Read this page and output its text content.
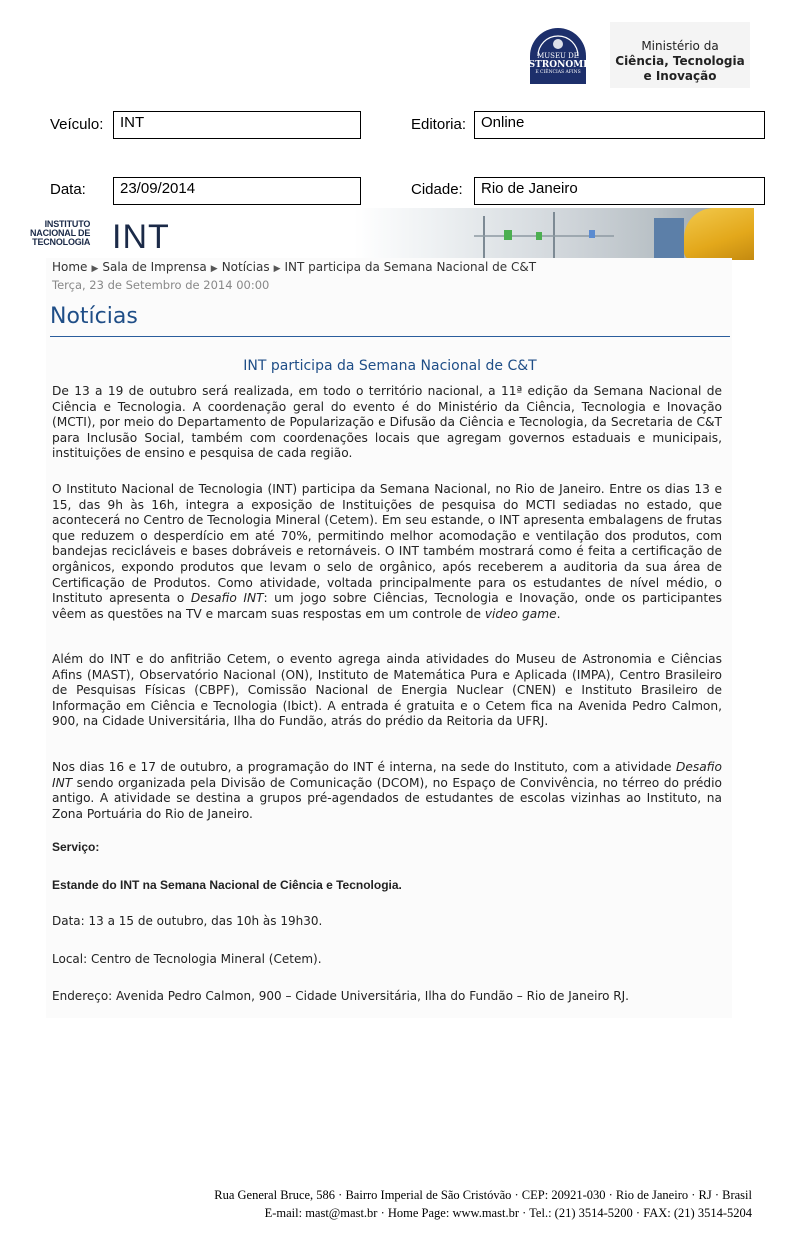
MUSEU DE
ASTRONOMIA
E CIÊNCIAS AFINS
Ministério da
Ciência, Tecnologia
e Inovação
Veículo:	INT	Editoria: Online
Data:	23/09/2014	Cidade:	Rio de Janeiro
INSTITUTO
NACIONAL DE
TECNOLOGIA INT
Home ▶ Sala de Imprensa ▶ Notícias ▶ INT participa da Semana Nacional de C&T
Terça, 23 de Setembro de 2014 00:00
Notícias
INT participa da Semana Nacional de C&T
De 13 a 19 de outubro será realizada, em todo o território nacional, a 11ª edição da Semana Nacional de Ciência e Tecnologia. A coordenação geral do evento é do Ministério da Ciência, Tecnologia e Inovação (MCTI), por meio do Departamento de Popularização e Difusão da Ciência e Tecnologia, da Secretaria de C&T para Inclusão Social, também com coordenações locais que agregam governos estaduais e municipais, instituições de ensino e pesquisa de cada região.
O Instituto Nacional de Tecnologia (INT) participa da Semana Nacional, no Rio de Janeiro. Entre os dias 13 e 15, das 9h às 16h, integra a exposição de Instituições de pesquisa do MCTI sediadas no estado, que acontecerá no Centro de Tecnologia Mineral (Cetem). Em seu estande, o INT apresenta embalagens de frutas que reduzem o desperdício em até 70%, permitindo melhor acomodação e ventilação dos produtos, com bandejas recicláveis e bases dobráveis e retornáveis. O INT também mostrará como é feita a certificação de orgânicos, expondo produtos que levam o selo de orgânico, após receberem a auditoria da sua área de Certificação de Produtos. Como atividade, voltada principalmente para os estudantes de nível médio, o Instituto apresenta o Desafio INT: um jogo sobre Ciências, Tecnologia e Inovação, onde os participantes vêem as questões na TV e marcam suas respostas em um controle de video game.
Além do INT e do anfitrião Cetem, o evento agrega ainda atividades do Museu de Astronomia e Ciências Afins (MAST), Observatório Nacional (ON), Instituto de Matemática Pura e Aplicada (IMPA), Centro Brasileiro de Pesquisas Físicas (CBPF), Comissão Nacional de Energia Nuclear (CNEN) e Instituto Brasileiro de Informação em Ciência e Tecnologia (Ibict). A entrada é gratuita e o Cetem fica na Avenida Pedro Calmon, 900, na Cidade Universitária, Ilha do Fundão, atrás do prédio da Reitoria da UFRJ.
Nos dias 16 e 17 de outubro, a programação do INT é interna, na sede do Instituto, com a atividade Desafio INT sendo organizada pela Divisão de Comunicação (DCOM), no Espaço de Convivência, no térreo do prédio antigo. A atividade se destina a grupos pré-agendados de estudantes de escolas vizinhas ao Instituto, na Zona Portuária do Rio de Janeiro.
Serviço:
Estande do INT na Semana Nacional de Ciência e Tecnologia.
Data: 13 a 15 de outubro, das 10h às 19h30.
Local: Centro de Tecnologia Mineral (Cetem).
Endereço: Avenida Pedro Calmon, 900 – Cidade Universitária, Ilha do Fundão – Rio de Janeiro RJ.
Rua General Bruce, 586 · Bairro Imperial de São Cristóvão · CEP: 20921-030 · Rio de Janeiro · RJ · Brasil
E-mail: mast@mast.br · Home Page: www.mast.br · Tel.: (21) 3514-5200 · FAX: (21) 3514-5204
